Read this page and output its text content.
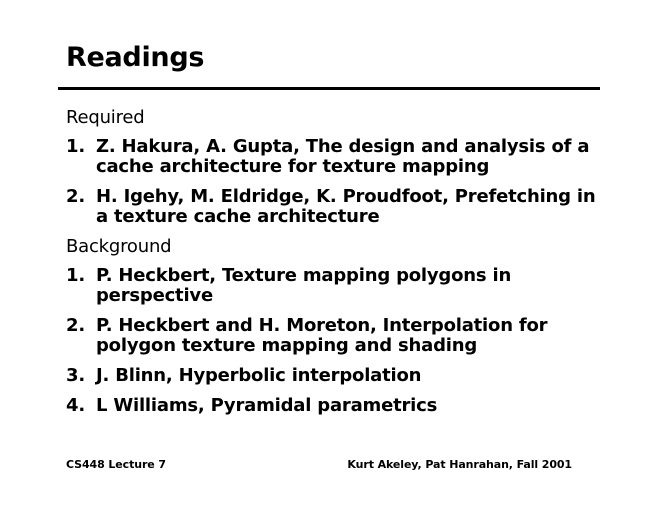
Readings
Required
1. Z. Hakura, A. Gupta, The design and analysis of a cache architecture for texture mapping
2. H. Igehy, M. Eldridge, K. Proudfoot, Prefetching in a texture cache architecture
Background
1. P. Heckbert, Texture mapping polygons in perspective
2. P. Heckbert and H. Moreton, Interpolation for polygon texture mapping and shading
3. J. Blinn, Hyperbolic interpolation
4. L Williams, Pyramidal parametrics
CS448 Lecture 7	Kurt Akeley, Pat Hanrahan, Fall 2001
